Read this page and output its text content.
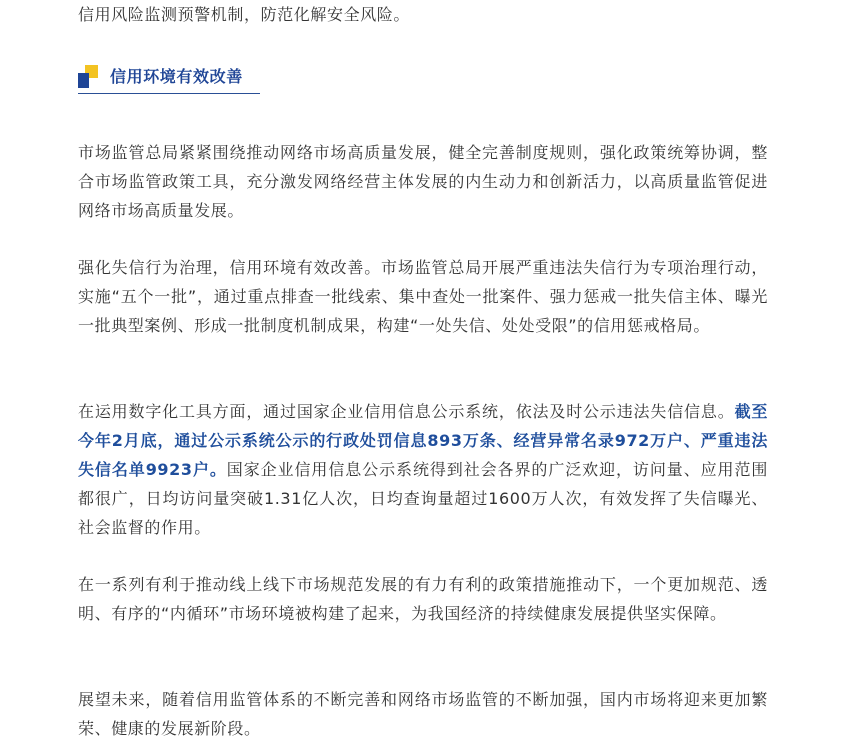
信用风险监测预警机制，防范化解安全风险。

信用环境有效改善

市场监管总局紧紧围绕推动网络市场高质量发展，健全完善制度规则，强化政策统筹协调，整合市场监管政策工具，充分激发网络经营主体发展的内生动力和创新活力，以高质量监管促进网络市场高质量发展。

强化失信行为治理，信用环境有效改善。市场监管总局开展严重违法失信行为专项治理行动，实施“五个一批”，通过重点排查一批线索、集中查处一批案件、强力惩戒一批失信主体、曝光一批典型案例、形成一批制度机制成果，构建“一处失信、处处受限”的信用惩戒格局。

在运用数字化工具方面，通过国家企业信用信息公示系统，依法及时公示违法失信信息。截至今年2月底，通过公示系统公示的行政处罚信息893万条、经营异常名录972万户、严重违法失信名单9923户。国家企业信用信息公示系统得到社会各界的广泛欢迎，访问量、应用范围都很广，日均访问量突破1.31亿人次，日均查询量超过1600万人次，有效发挥了失信曝光、社会监督的作用。

在一系列有利于推动线上线下市场规范发展的有力有利的政策措施推动下，一个更加规范、透明、有序的“内循环”市场环境被构建了起来，为我国经济的持续健康发展提供坚实保障。

展望未来，随着信用监管体系的不断完善和网络市场监管的不断加强，国内市场将迎来更加繁荣、健康的发展新阶段。
